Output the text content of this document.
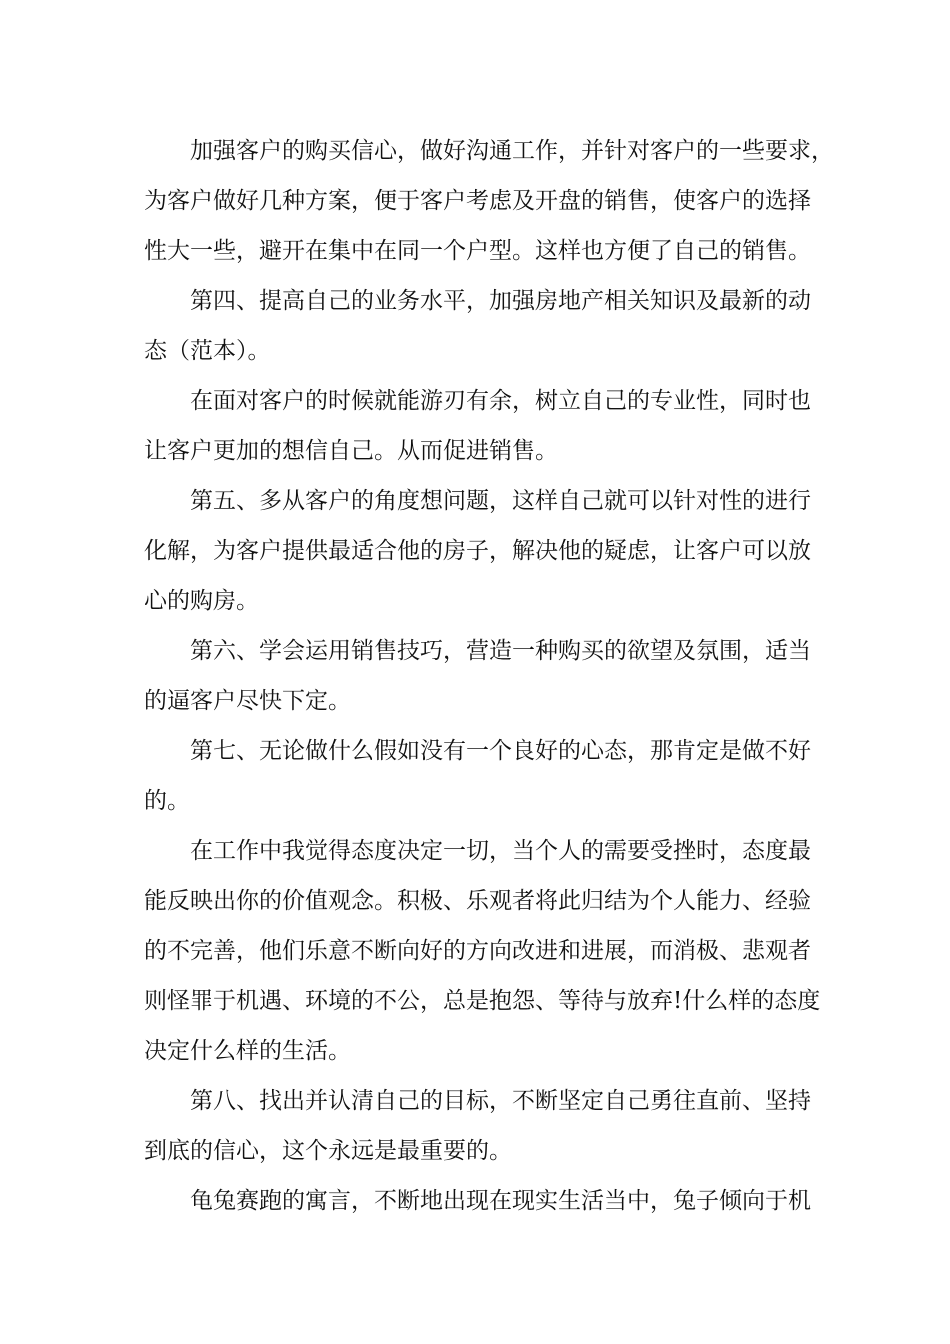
加强客户的购买信心，做好沟通工作，并针对客户的一些要求，
为客户做好几种方案，便于客户考虑及开盘的销售，使客户的选择
性大一些，避开在集中在同一个户型。这样也方便了自己的销售。
第四、提高自己的业务水平，加强房地产相关知识及最新的动
态（范本）。
在面对客户的时候就能游刃有余，树立自己的专业性，同时也
让客户更加的想信自己。从而促进销售。
第五、多从客户的角度想问题，这样自己就可以针对性的进行
化解，为客户提供最适合他的房子，解决他的疑虑，让客户可以放
心的购房。
第六、学会运用销售技巧，营造一种购买的欲望及氛围，适当
的逼客户尽快下定。
第七、无论做什么假如没有一个良好的心态，那肯定是做不好
的。
在工作中我觉得态度决定一切，当个人的需要受挫时，态度最
能反映出你的价值观念。积极、乐观者将此归结为个人能力、经验
的不完善，他们乐意不断向好的方向改进和进展，而消极、悲观者
则怪罪于机遇、环境的不公，总是抱怨、等待与放弃!什么样的态度
决定什么样的生活。
第八、找出并认清自己的目标，不断坚定自己勇往直前、坚持
到底的信心，这个永远是最重要的。
龟兔赛跑的寓言，不断地出现在现实生活当中，兔子倾向于机
